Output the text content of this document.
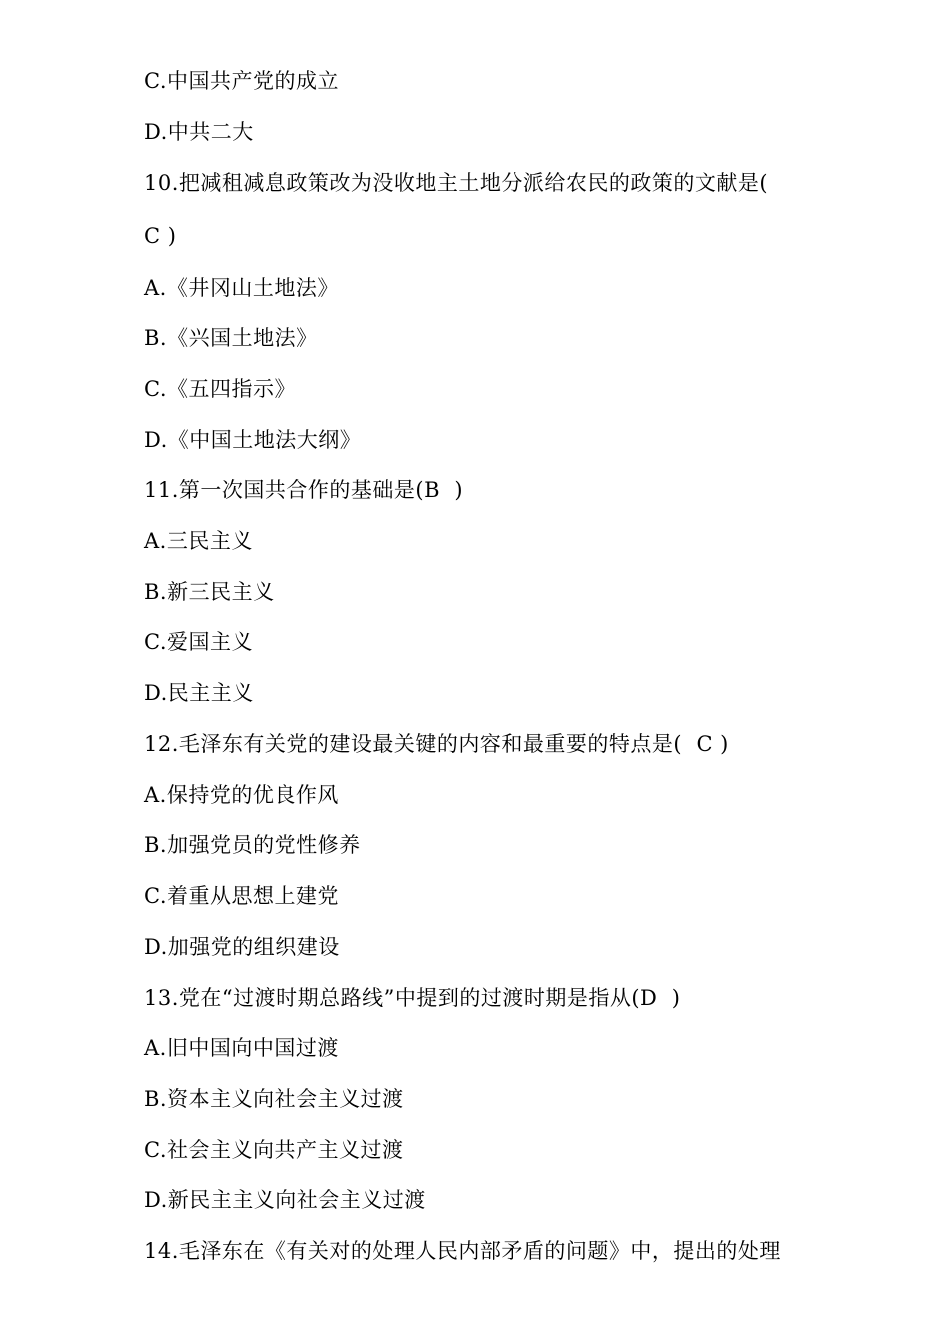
C.中国共产党的成立
D.中共二大
10.把减租减息政策改为没收地主土地分派给农民的政策的文献是(
C )
A.《井冈山土地法》
B.《兴国土地法》
C.《五四指示》
D.《中国土地法大纲》
11.第一次国共合作的基础是(B  )
A.三民主义
B.新三民主义
C.爱国主义
D.民主主义
12.毛泽东有关党的建设最关键的内容和最重要的特点是(  C )
A.保持党的优良作风
B.加强党员的党性修养
C.着重从思想上建党
D.加强党的组织建设
13.党在“过渡时期总路线”中提到的过渡时期是指从(D  )
A.旧中国向中国过渡
B.资本主义向社会主义过渡
C.社会主义向共产主义过渡
D.新民主主义向社会主义过渡
14.毛泽东在《有关对的处理人民内部矛盾的问题》中，提出的处理
